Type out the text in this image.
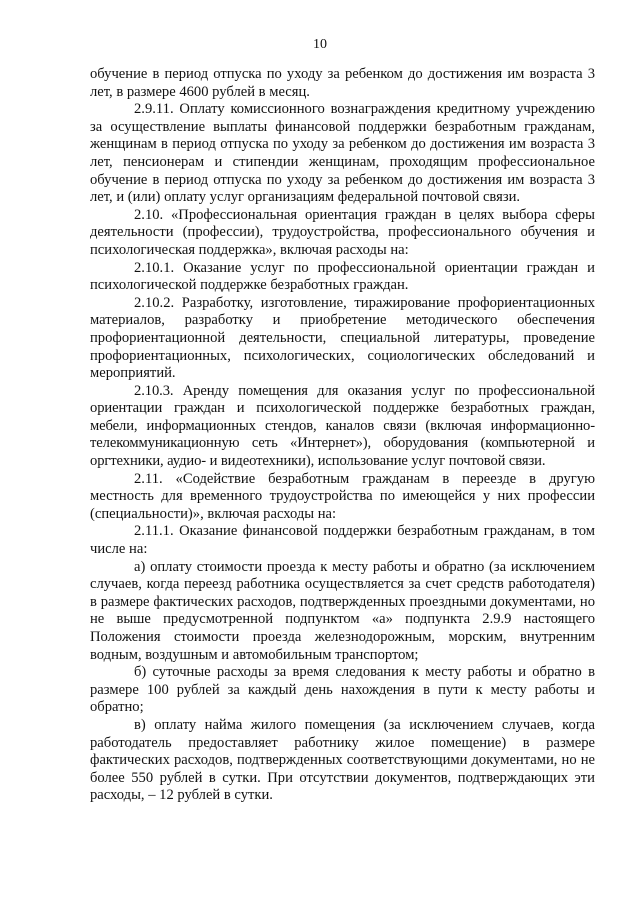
10

обучение в период отпуска по уходу за ребенком до достижения им возраста 3 лет, в размере 4600 рублей в месяц.

2.9.11. Оплату комиссионного вознаграждения кредитному учреждению за осуществление выплаты финансовой поддержки безработным гражданам, женщинам в период отпуска по уходу за ребенком до достижения им возраста 3 лет, пенсионерам и стипендии женщинам, проходящим профессиональное обучение в период отпуска по уходу за ребенком до достижения им возраста 3 лет, и (или) оплату услуг организациям федеральной почтовой связи.

2.10. «Профессиональная ориентация граждан в целях выбора сферы деятельности (профессии), трудоустройства, профессионального обучения и психологическая поддержка», включая расходы на:

2.10.1. Оказание услуг по профессиональной ориентации граждан и психологической поддержке безработных граждан.

2.10.2. Разработку, изготовление, тиражирование профориентационных материалов, разработку и приобретение методического обеспечения профориентационной деятельности, специальной литературы, проведение профориентационных, психологических, социологических обследований и мероприятий.

2.10.3. Аренду помещения для оказания услуг по профессиональной ориентации граждан и психологической поддержке безработных граждан, мебели, информационных стендов, каналов связи (включая информационно-телекоммуникационную сеть «Интернет»), оборудования (компьютерной и оргтехники, аудио- и видеотехники), использование услуг почтовой связи.

2.11. «Содействие безработным гражданам в переезде в другую местность для временного трудоустройства по имеющейся у них профессии (специальности)», включая расходы на:

2.11.1. Оказание финансовой поддержки безработным гражданам, в том числе на:

а) оплату стоимости проезда к месту работы и обратно (за исключением случаев, когда переезд работника осуществляется за счет средств работодателя) в размере фактических расходов, подтвержденных проездными документами, но не выше предусмотренной подпунктом «а» подпункта 2.9.9 настоящего Положения стоимости проезда железнодорожным, морским, внутренним водным, воздушным и автомобильным транспортом;

б) суточные расходы за время следования к месту работы и обратно в размере 100 рублей за каждый день нахождения в пути к месту работы и обратно;

в) оплату найма жилого помещения (за исключением случаев, когда работодатель предоставляет работнику жилое помещение) в размере фактических расходов, подтвержденных соответствующими документами, но не более 550 рублей в сутки. При отсутствии документов, подтверждающих эти расходы, – 12 рублей в сутки.
